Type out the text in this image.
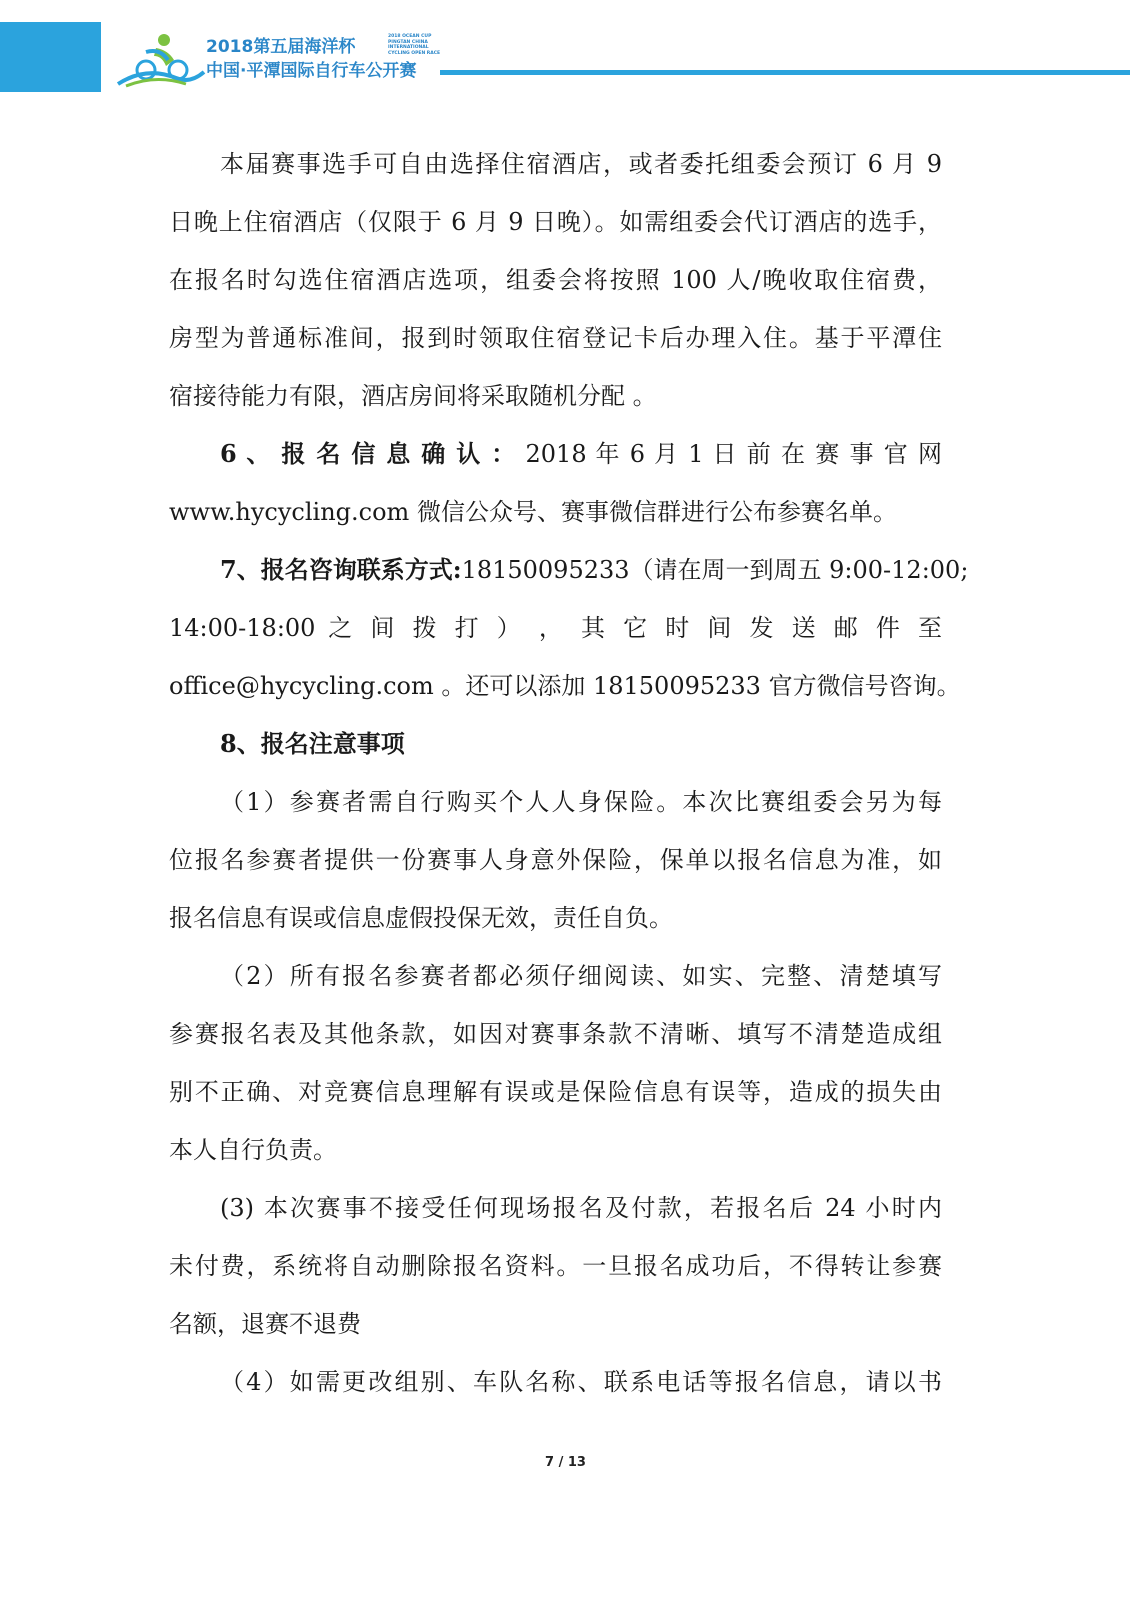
2018第五届海洋杯
2018 OCEAN CUP
PINGTAN CHINA INTERNATIONAL
CYCLING OPEN RACE
中国·平潭国际自行车公开赛
本届赛事选手可自由选择住宿酒店，或者委托组委会预订 6 月 9
日晚上住宿酒店（仅限于 6 月 9 日晚）。如需组委会代订酒店的选手，
在报名时勾选住宿酒店选项，组委会将按照 100 人/晚收取住宿费，
房型为普通标准间，报到时领取住宿登记卡后办理入住。基于平潭住
宿接待能力有限，酒店房间将采取随机分配 。
6 、 报 名 信 息 确 认 ： 2018 年 6 月 1 日 前 在 赛 事 官 网
www.hycycling.com 微信公众号、赛事微信群进行公布参赛名单。
7、报名咨询联系方式:18150095233（请在周一到周五 9:00-12:00;
14:00-18:00 之 间 拨 打 ） ， 其 它 时 间 发 送 邮 件 至
office@hycycling.com 。还可以添加 18150095233 官方微信号咨询。
8、报名注意事项
（1）参赛者需自行购买个人人身保险。本次比赛组委会另为每
位报名参赛者提供一份赛事人身意外保险，保单以报名信息为准，如
报名信息有误或信息虚假投保无效，责任自负。
（2）所有报名参赛者都必须仔细阅读、如实、完整、清楚填写
参赛报名表及其他条款，如因对赛事条款不清晰、填写不清楚造成组
别不正确、对竞赛信息理解有误或是保险信息有误等，造成的损失由
本人自行负责。
(3) 本次赛事不接受任何现场报名及付款，若报名后 24 小时内
未付费，系统将自动删除报名资料。一旦报名成功后，不得转让参赛
名额，退赛不退费
（4）如需更改组别、车队名称、联系电话等报名信息，请以书
7 / 13
